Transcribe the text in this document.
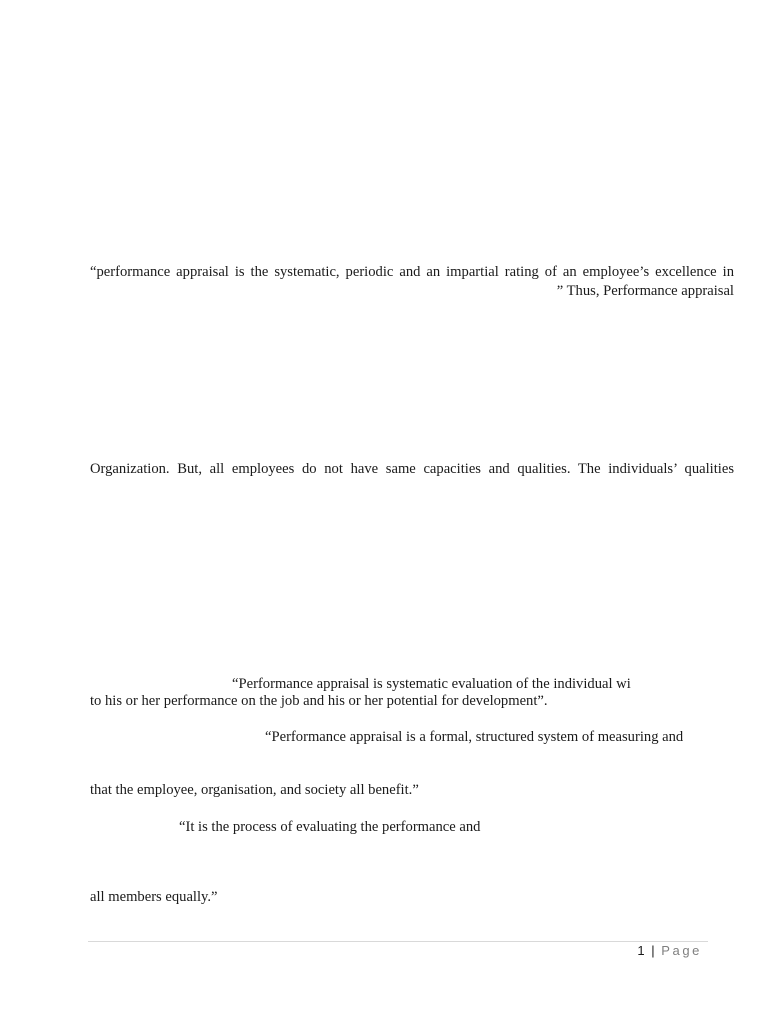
“performance appraisal is the systematic, periodic and an impartial rating of an employee’s excellence in
” Thus, Performance appraisal
Organization. But, all employees do not have same capacities and qualities. The individuals’ qualities
“Performance appraisal is systematic evaluation of the individual wi
to his or her performance on the job and his or her potential for development”.
“Performance appraisal is a formal, structured system of measuring and
that the employee, organisation, and society all benefit.”
“It is the process of evaluating the performance and
all members equally.”
1 | Page
